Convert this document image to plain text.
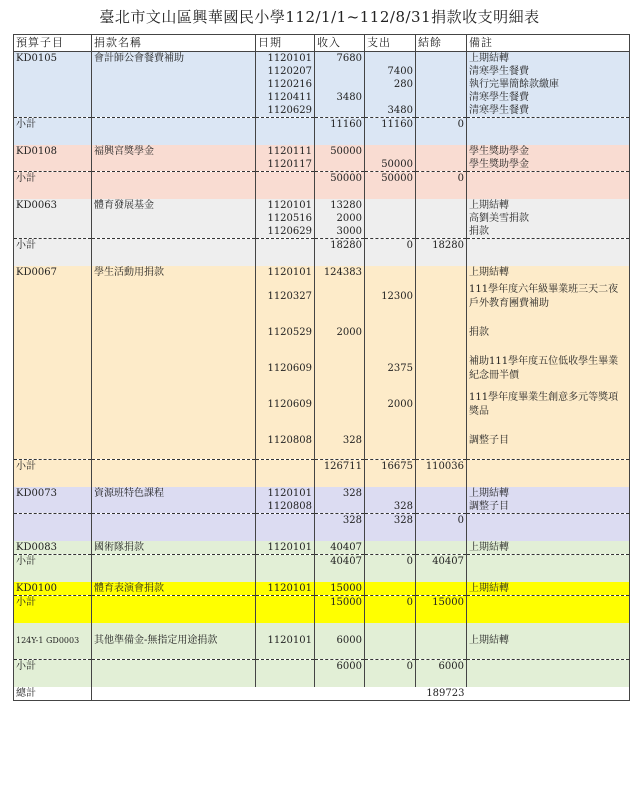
臺北市文山區興華國民小學112/1/1~112/8/31捐款收支明細表
預算子目	捐款名稱	日期	收入	支出	結餘	備註
KD0105	會計師公會餐費補助	1120101	7680			上期結轉
		1120207		7400		清寒學生餐費
		1120216		280		執行完畢簡餘款繳庫
		1120411	3480			清寒學生餐費
		1120629		3480		清寒學生餐費
小計			11160	11160	0	

KD0108	福興宮獎學金	1120111	50000			學生獎助學金
		1120117		50000		學生獎助學金
小計			50000	50000	0	

KD0063	體育發展基金	1120101	13280			上期結轉
		1120516	2000			高劉美雪捐款
		1120629	3000			捐款
小計			18280	0	18280	

KD0067	學生活動用捐款	1120101	124383			上期結轉
		1120327		12300		111學年度六年級畢業班三天二夜戶外教育團費補助
		1120529	2000			捐款
		1120609		2375		補助111學年度五位低收學生畢業紀念冊半價
		1120609		2000		111學年度畢業生創意多元等獎項獎品
		1120808	328			調整子目
小計			126711	16675	110036	

KD0073	資源班特色課程	1120101	328			上期結轉
		1120808		328		調整子目
			328	328	0	

KD0083	國術隊捐款	1120101	40407			上期結轉
小計			40407	0	40407	

KD0100	體育表演會捐款	1120101	15000			上期結轉
小計			15000	0	15000	

124Y-1 GD0003	其他準備金-無指定用途捐款	1120101	6000			上期結轉
小計			6000	0	6000	

總計					189723	
